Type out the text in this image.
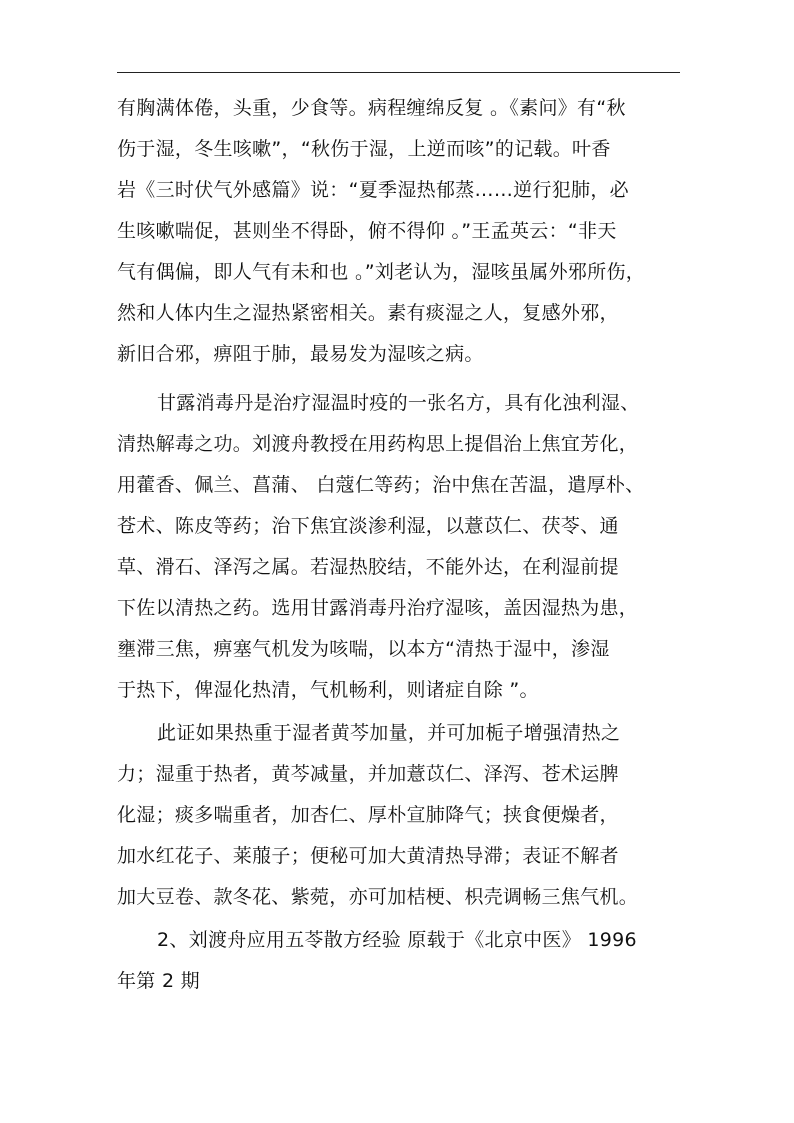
有胸满体倦，头重，少食等。病程缠绵反复 。《素问》有“秋
伤于湿，冬生咳嗽”，“秋伤于湿，上逆而咳”的记载。叶香
岩《三时伏气外感篇》说：“夏季湿热郁蒸……逆行犯肺，必
生咳嗽喘促，甚则坐不得卧，俯不得仰 。”王孟英云：“非天
气有偶偏，即人气有未和也 。”刘老认为，湿咳虽属外邪所伤，
然和人体内生之湿热紧密相关。素有痰湿之人，复感外邪，
新旧合邪，痹阻于肺，最易发为湿咳之病。
甘露消毒丹是治疗湿温时疫的一张名方，具有化浊利湿、
清热解毒之功。刘渡舟教授在用药构思上提倡治上焦宜芳化，
用藿香、佩兰、菖蒲、 白蔻仁等药；治中焦在苦温，遣厚朴、
苍术、陈皮等药；治下焦宜淡渗利湿，以薏苡仁、茯苓、通
草、滑石、泽泻之属。若湿热胶结，不能外达，在利湿前提
下佐以清热之药。选用甘露消毒丹治疗湿咳，盖因湿热为患，
壅滞三焦，痹塞气机发为咳喘，以本方“清热于湿中，渗湿
于热下，俾湿化热清，气机畅利，则诸症自除 ”。
此证如果热重于湿者黄芩加量，并可加栀子增强清热之
力；湿重于热者，黄芩减量，并加薏苡仁、泽泻、苍术运脾
化湿；痰多喘重者，加杏仁、厚朴宣肺降气；挟食便燥者，
加水红花子、莱菔子；便秘可加大黄清热导滞；表证不解者
加大豆卷、款冬花、紫菀，亦可加桔梗、枳壳调畅三焦气机。
2、刘渡舟应用五苓散方经验 原载于《北京中医》 1996
年第 2 期
